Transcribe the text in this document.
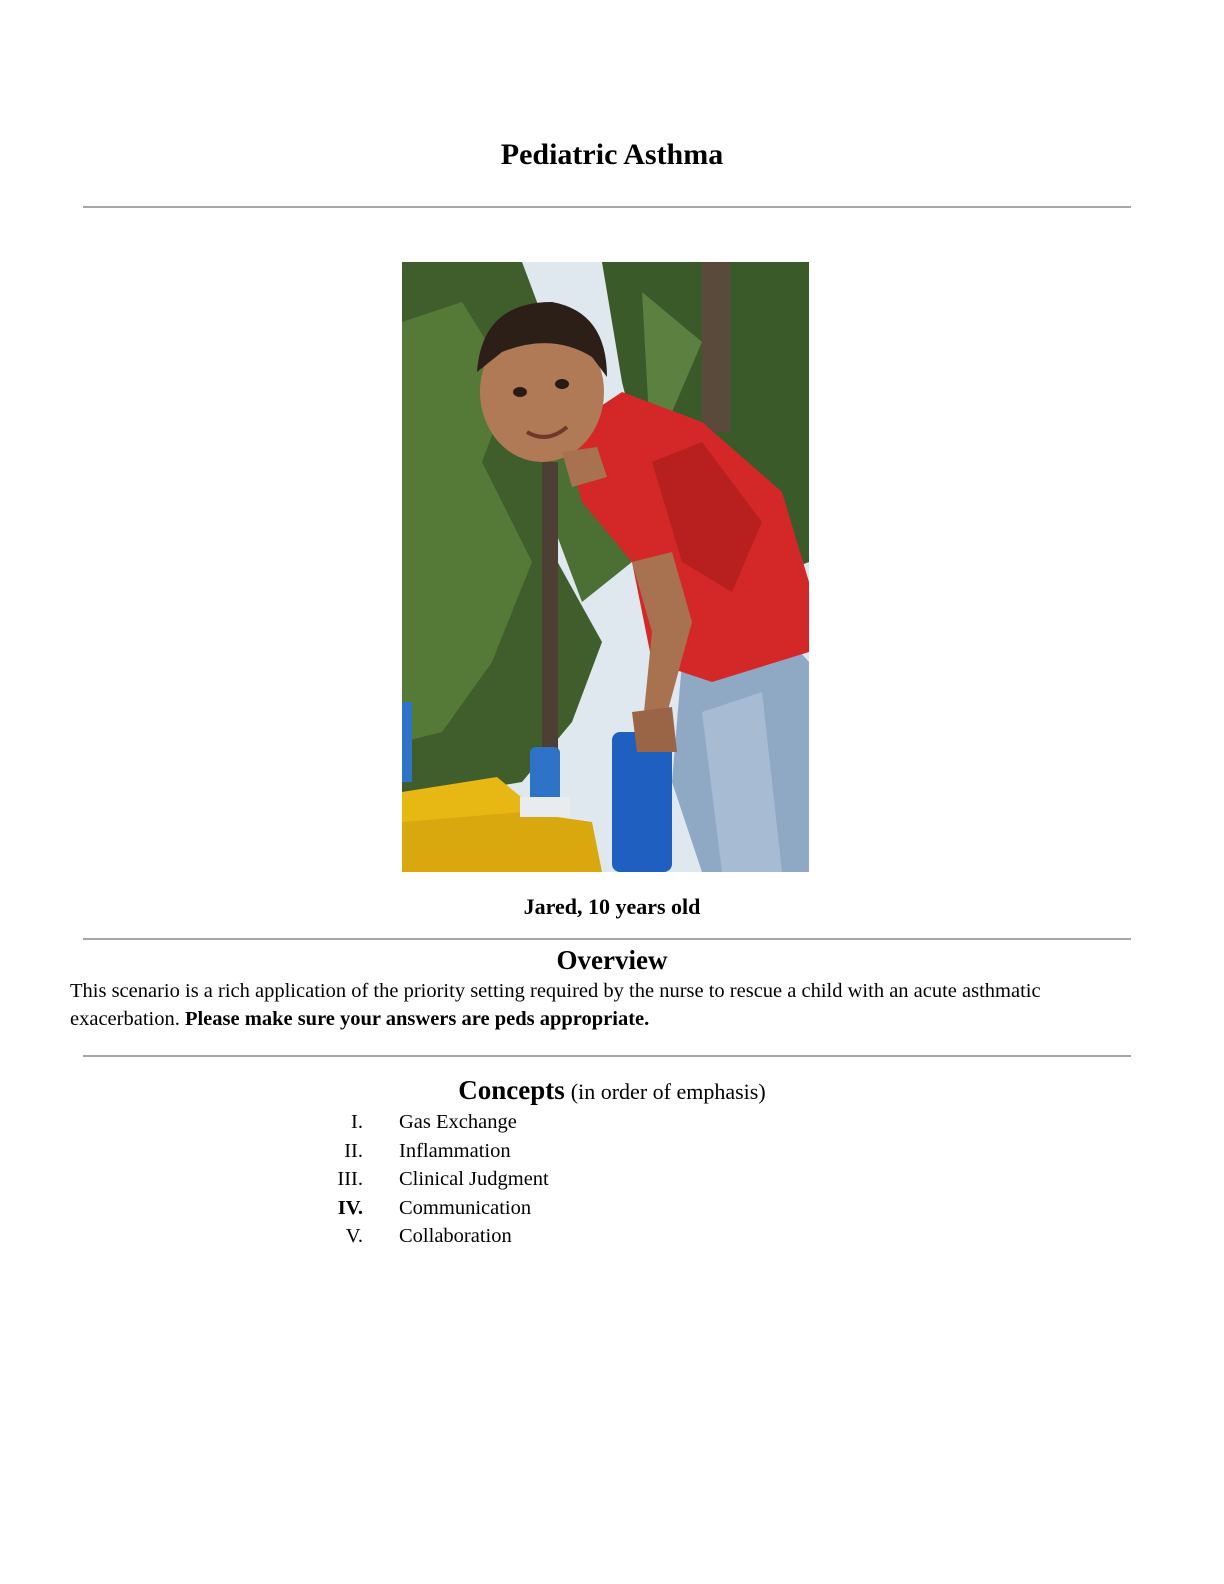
Pediatric Asthma
Jared, 10 years old
Overview

This scenario is a rich application of the priority setting required by the nurse to rescue a child with an acute asthmatic exacerbation. Please make sure your answers are peds appropriate.

Concepts (in order of emphasis)
I. Gas Exchange
II. Inflammation
III. Clinical Judgment
IV. Communication
V. Collaboration
